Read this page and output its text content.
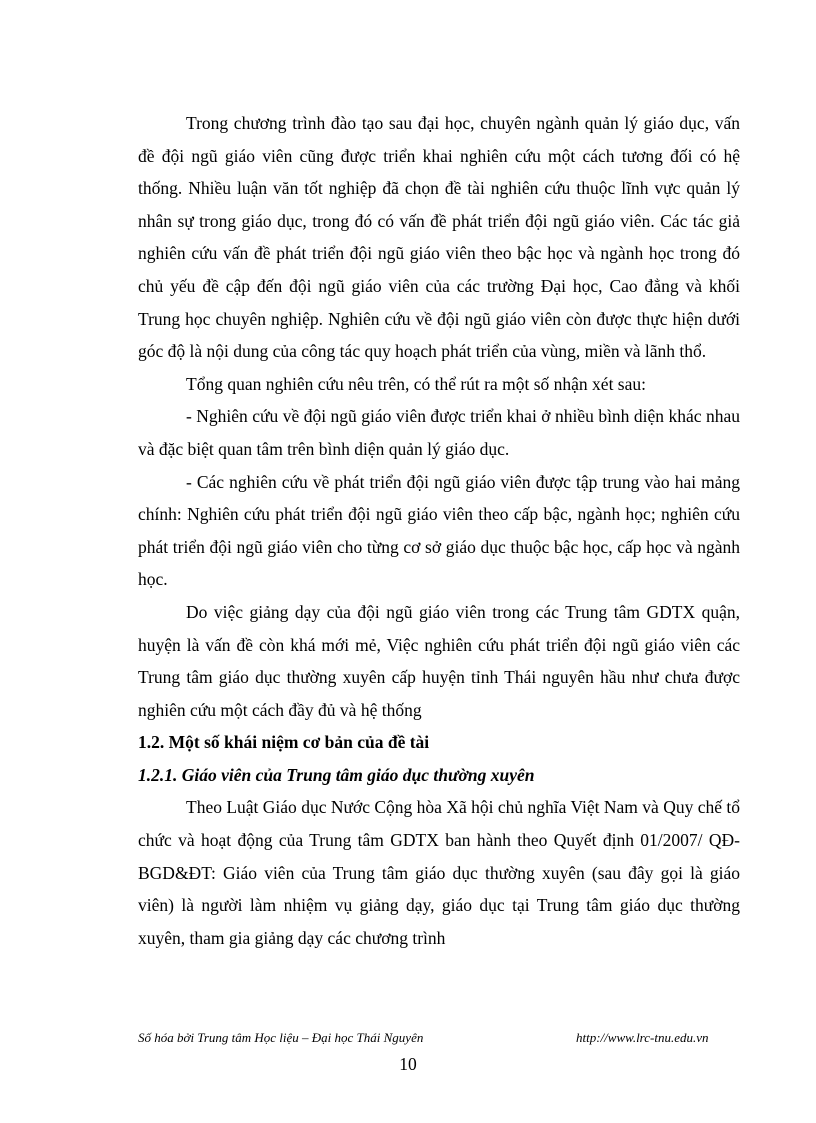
Trong chương trình đào tạo sau đại học, chuyên ngành quản lý giáo dục, vấn đề đội ngũ giáo viên cũng được triển khai nghiên cứu một cách tương đối có hệ thống. Nhiều luận văn tốt nghiệp đã chọn đề tài nghiên cứu thuộc lĩnh vực quản lý nhân sự trong giáo dục, trong đó có vấn đề phát triển đội ngũ giáo viên. Các tác giả nghiên cứu vấn đề phát triển đội ngũ giáo viên theo bậc học và ngành học trong đó chủ yếu đề cập đến đội ngũ giáo viên của các trường Đại học, Cao đẳng và khối Trung học chuyên nghiệp. Nghiên cứu về đội ngũ giáo viên còn được thực hiện dưới góc độ là nội dung của công tác quy hoạch phát triển của vùng, miền và lãnh thổ.

Tổng quan nghiên cứu nêu trên, có thể rút ra một số nhận xét sau:

- Nghiên cứu về đội ngũ giáo viên được triển khai ở nhiều bình diện khác nhau và đặc biệt quan tâm trên bình diện quản lý giáo dục.

- Các nghiên cứu về phát triển đội ngũ giáo viên được tập trung vào hai mảng chính: Nghiên cứu phát triển đội ngũ giáo viên theo cấp bậc, ngành học; nghiên cứu phát triển đội ngũ giáo viên cho từng cơ sở giáo dục thuộc bậc học, cấp học và ngành học.

Do việc giảng dạy của đội ngũ giáo viên trong các Trung tâm GDTX quận, huyện là vấn đề còn khá mới mẻ, Việc nghiên cứu phát triển đội ngũ giáo viên các Trung tâm giáo dục thường xuyên cấp huyện tỉnh Thái nguyên hầu như chưa được nghiên cứu một cách đầy đủ và hệ thống

1.2. Một số khái niệm cơ bản của đề tài
1.2.1. Giáo viên của Trung tâm giáo dục thường xuyên

Theo Luật Giáo dục Nước Cộng hòa Xã hội chủ nghĩa Việt Nam và Quy chế tổ chức và hoạt động của Trung tâm GDTX ban hành theo Quyết định 01/2007/ QĐ-BGD&ĐT: Giáo viên của Trung tâm giáo dục thường xuyên (sau đây gọi là giáo viên) là người làm nhiệm vụ giảng dạy, giáo dục tại Trung tâm giáo dục thường xuyên, tham gia giảng dạy các chương trình

Số hóa bởi Trung tâm Học liệu – Đại học Thái Nguyên	http://www.lrc-tnu.edu.vn
10
